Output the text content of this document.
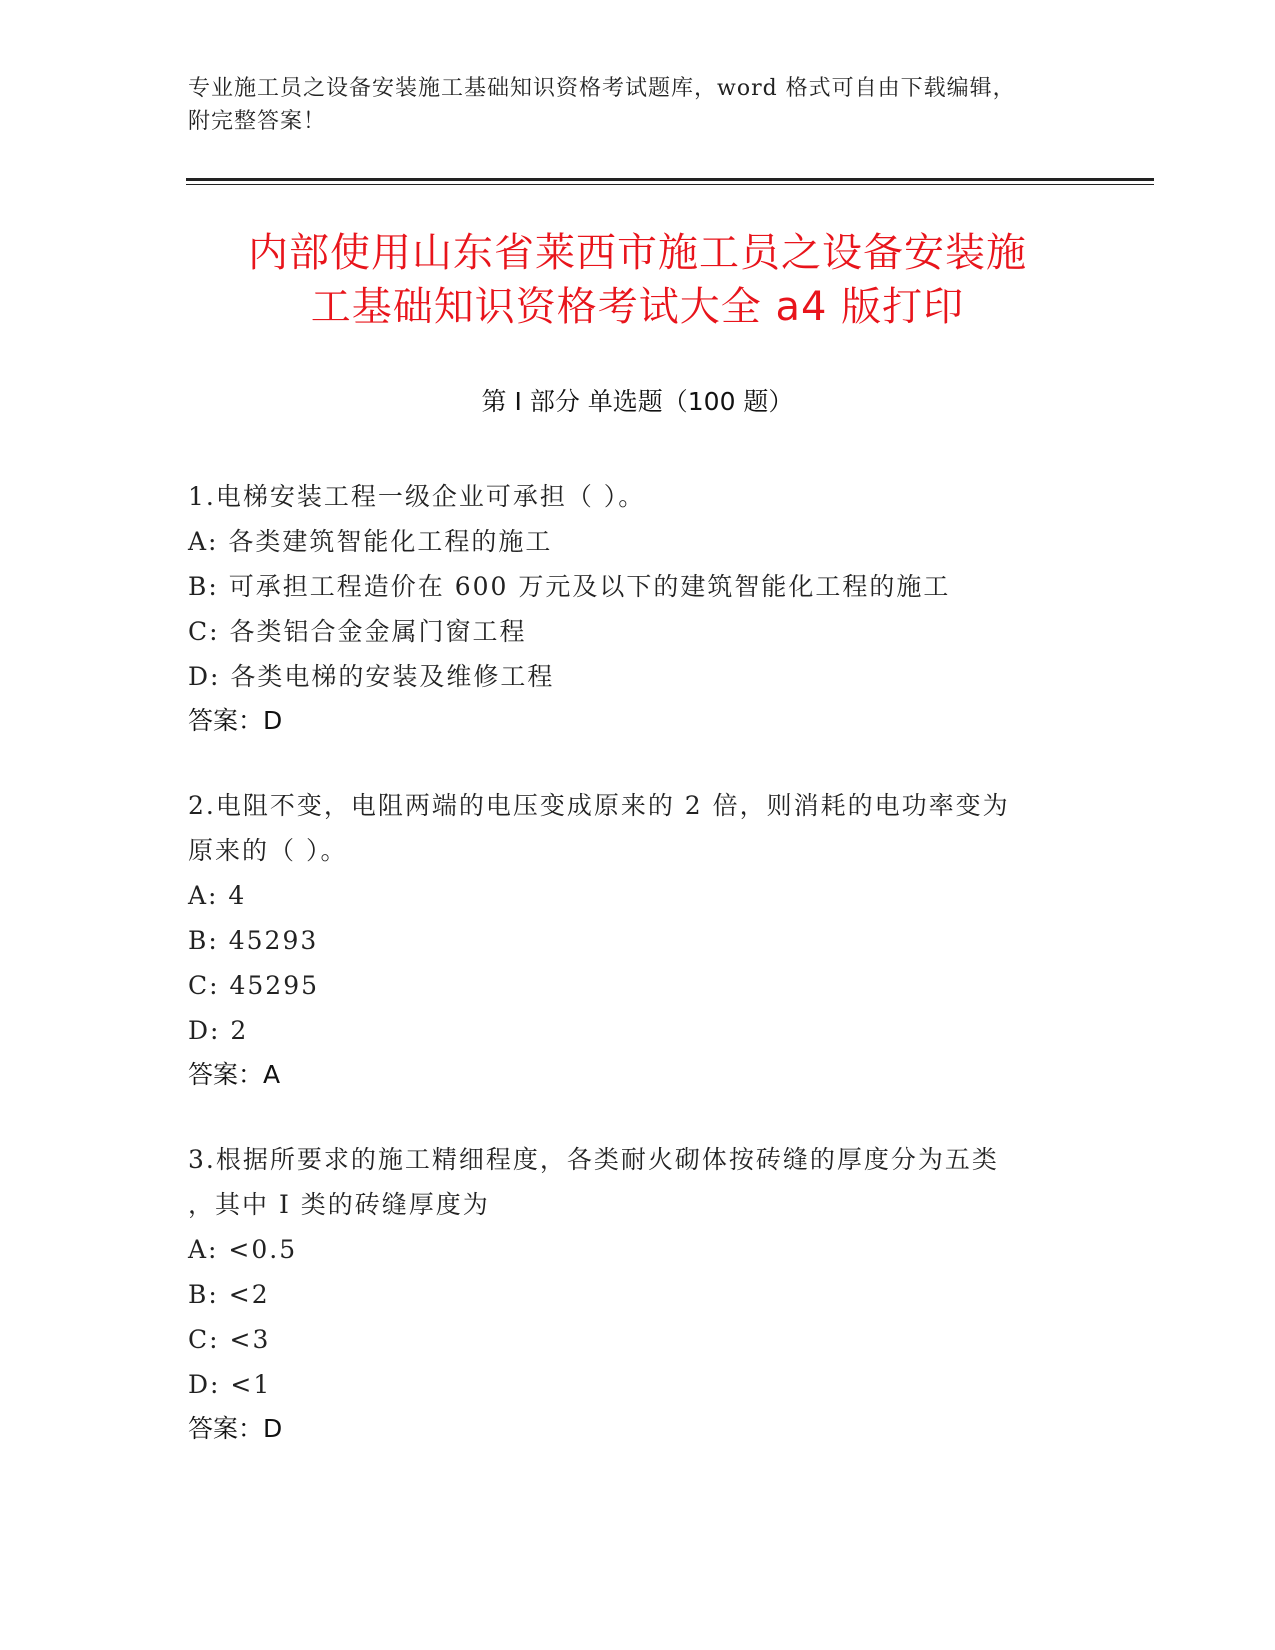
专业施工员之设备安装施工基础知识资格考试题库，word 格式可自由下载编辑，
附完整答案！
内部使用山东省莱西市施工员之设备安装施
工基础知识资格考试大全 a4 版打印
第 I 部分 单选题（100 题）
1.电梯安装工程一级企业可承担（ ）。
A: 各类建筑智能化工程的施工
B: 可承担工程造价在 600 万元及以下的建筑智能化工程的施工
C: 各类铝合金金属门窗工程
D: 各类电梯的安装及维修工程
答案：D
2.电阻不变，电阻两端的电压变成原来的 2 倍，则消耗的电功率变为
原来的（ ）。
A: 4
B: 45293
C: 45295
D: 2
答案：A
3.根据所要求的施工精细程度，各类耐火砌体按砖缝的厚度分为五类
，其中 I 类的砖缝厚度为
A: <0.5
B: <2
C: <3
D: <1
答案：D
